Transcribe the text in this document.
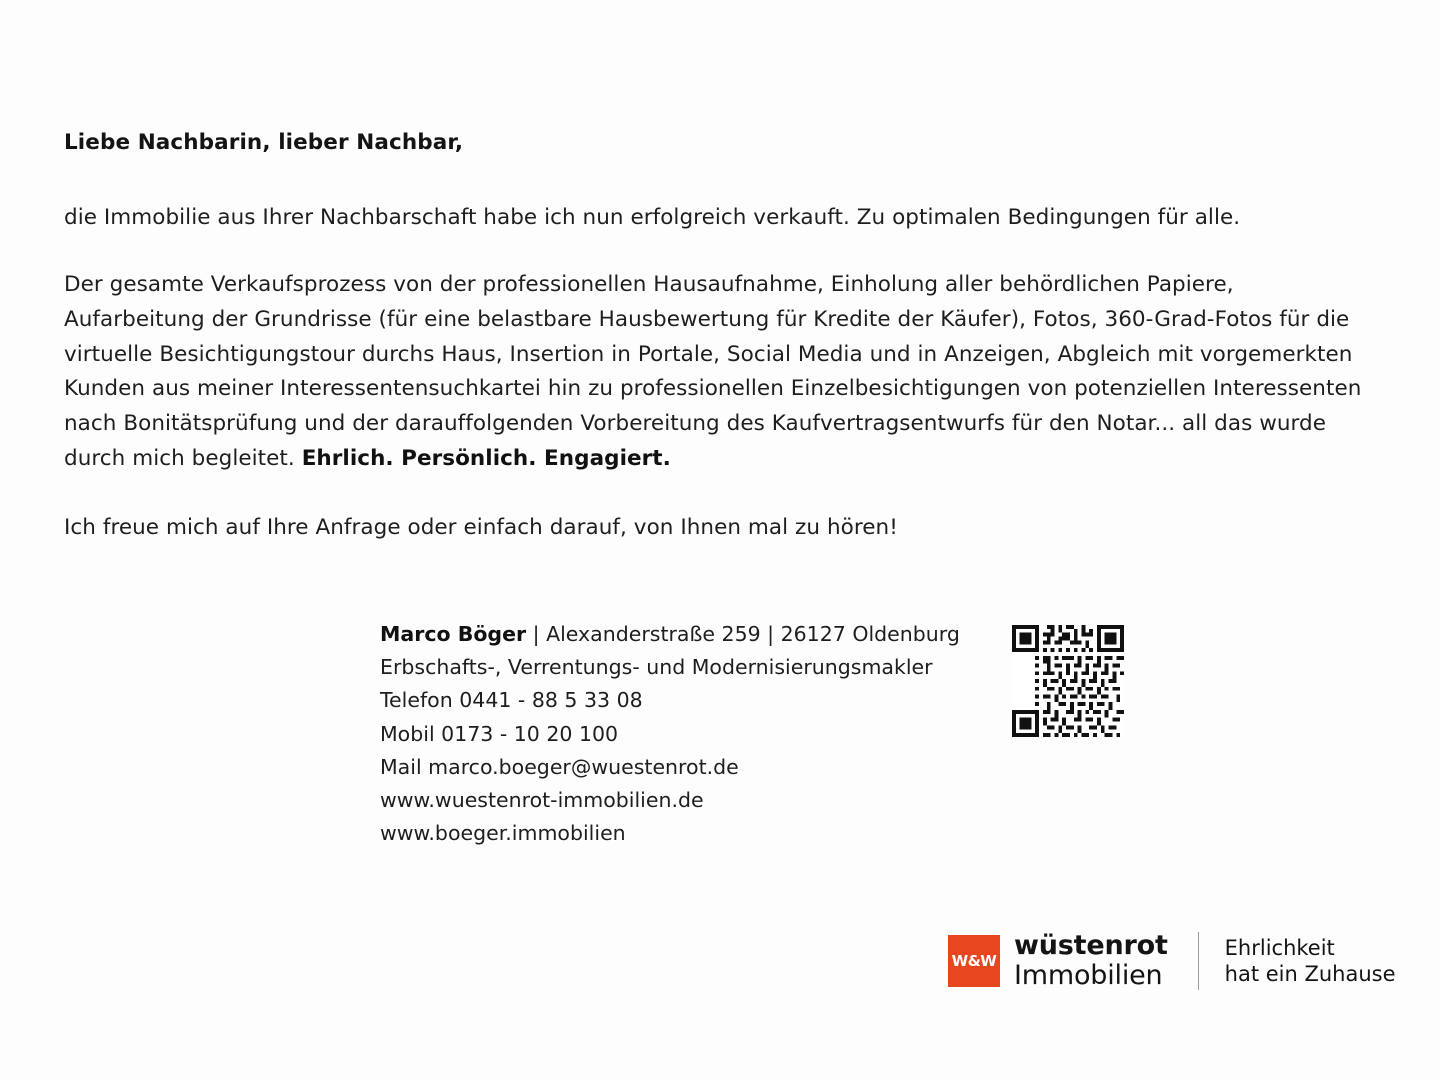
Liebe Nachbarin, lieber Nachbar,

die Immobilie aus Ihrer Nachbarschaft habe ich nun erfolgreich verkauft. Zu optimalen Bedingungen für alle.

Der gesamte Verkaufsprozess von der professionellen Hausaufnahme, Einholung aller behördlichen Papiere, Aufarbeitung der Grundrisse (für eine belastbare Hausbewertung für Kredite der Käufer), Fotos, 360-Grad-Fotos für die virtuelle Besichtigungstour durchs Haus, Insertion in Portale, Social Media und in Anzeigen, Abgleich mit vorgemerkten Kunden aus meiner Interessentensuchkartei hin zu professionellen Einzelbesichtigungen von potenziellen Interessenten nach Bonitätsprüfung und der darauffolgenden Vorbereitung des Kaufvertragsentwurfs für den Notar... all das wurde durch mich begleitet. Ehrlich. Persönlich. Engagiert.

Ich freue mich auf Ihre Anfrage oder einfach darauf, von Ihnen mal zu hören!

Marco Böger | Alexanderstraße 259 | 26127 Oldenburg
Erbschafts-, Verrentungs- und Modernisierungsmakler
Telefon 0441 - 88 5 33 08
Mobil 0173 - 10 20 100
Mail marco.boeger@wuestenrot.de
www.wuestenrot-immobilien.de
www.boeger.immobilien
W&W wüstenrot
Immobilien
Ehrlichkeit
hat ein Zuhause
